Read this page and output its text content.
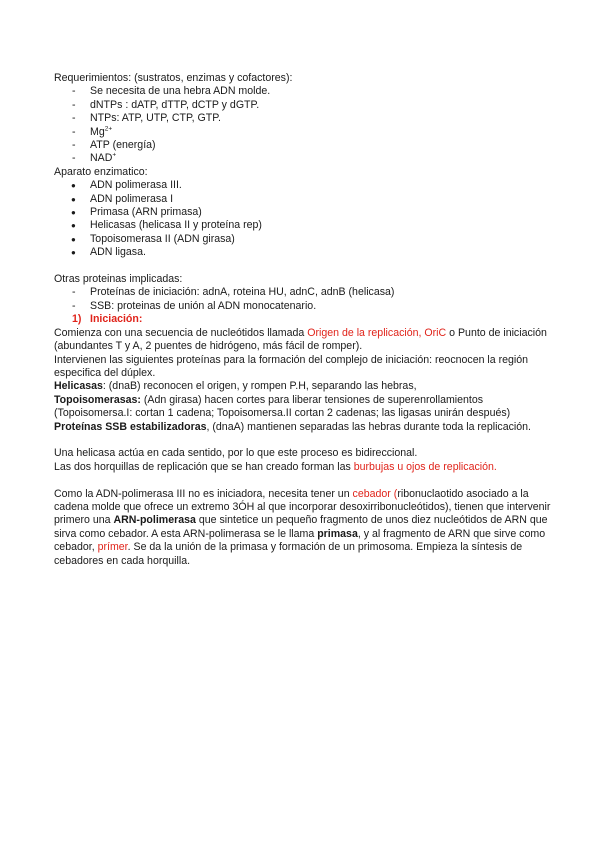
Requerimientos: (sustratos, enzimas y cofactores):

- Se necesita de una hebra ADN molde.
- dNTPs : dATP, dTTP, dCTP y dGTP.
- NTPs: ATP, UTP, CTP, GTP.
- $Mg^{2+}$
- ATP (energía)
- NAD+

Aparato enzimatico:

● ADN polimerasa III.
● ADN polimerasa I
● Primasa (ARN primasa)
● Helicasas (helicasa II y proteína rep)
● Topoisomerasa II (ADN girasa)
● ADN ligasa.

Otras proteinas implicadas:

- Proteínas de iniciación: adnA, roteina HU, adnC, adnB (helicasa)
- SSB: proteinas de unión al ADN monocatenario.
1) Iniciación:

Comienza con una secuencia de nucleótidos llamada Origen de la replicación, OriC o Punto de iniciación (abundantes T y A, 2 puentes de hidrógeno, más fácil de romper).

Intervienen las siguientes proteínas para la formación del complejo de iniciación: reocnocen la región especifica del dúplex.

Helicasas: (dnaB) reconocen el origen, y rompen P.H, separando las hebras,

Topoisomerasas: (Adn girasa) hacen cortes para liberar tensiones de superenrollamientos (Topoisomersa.I: cortan 1 cadena; Topoisomersa.II cortan 2 cadenas; las ligasas unirán después)

Proteínas SSB estabilizadoras, (dnaA) mantienen separadas las hebras durante toda la replicación.

Una helicasa actúa en cada sentido, por lo que este proceso es bidireccional.

Las dos horquillas de replicación que se han creado forman las burbujas u ojos de replicación.

Como la ADN-polimerasa III no es iniciadora, necesita tener un cebador (ribonuclaotido asociado a la cadena molde que ofrece un extremo 3ÓH al que incorporar desoxirribonucleótidos), tienen que intervenir primero una ARN-polimerasa que sintetice un pequeño fragmento de unos diez nucleótidos de ARN que sirva como cebador. A esta ARN-polimerasa se le llama primasa, y al fragmento de ARN que sirve como cebador, prímer. Se da la unión de la primasa y formación de un primosoma. Empieza la síntesis de cebadores en cada horquilla.
